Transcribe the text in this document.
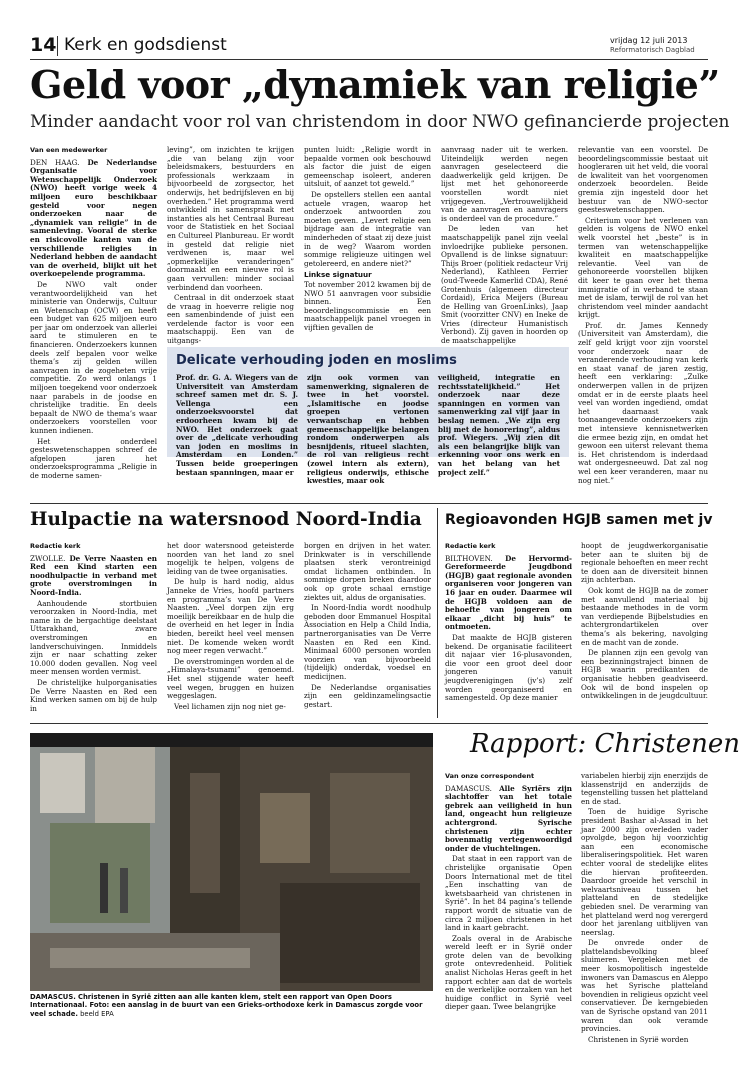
14 Kerk en godsdienst	vrijdag 12 juli 2013
Reformatorisch Dagblad
Geld voor „dynamiek van religie”
Minder aandacht voor rol van christendom in door NWO gefinancierde projecten
Van een medewerker

DEN HAAG. De Nederlandse Organisatie voor Wetenschappelijk Onderzoek (NWO) heeft vorige week 4 miljoen euro beschikbaar gesteld voor negen onderzoeken naar de „dynamiek van religie” in de samenleving. Vooral de sterke en risicovolle kanten van de verschillende religies in Nederland hebben de aandacht van de overheid, blijkt uit het overkoepelende programma.

De NWO valt onder verantwoordelijkheid van het ministerie van Onderwijs, Cultuur en Wetenschap (OCW) en heeft een budget van 625 miljoen euro per jaar om onderzoek van allerlei aard te stimuleren en te financieren. Onderzoekers kunnen deels zelf bepalen voor welke thema’s zij gelden willen aanvragen in de zogeheten vrije competitie. Zo werd onlangs 1 miljoen toegekend voor onderzoek naar parabels in de joodse en christelijke traditie. En deels bepaalt de NWO de thema’s waar onderzoekers voorstellen voor kunnen indienen.

Het onderdeel gesteswetenschappen schreef de afgelopen jaren het onderzoeksprogramma „Religie in de moderne samen-

leving”, om inzichten te krijgen „die van belang zijn voor beleidsmakers, bestuurders en professionals werkzaam in bijvoorbeeld de zorgsector, het onderwijs, het bedrijfsleven en bij overheden.” Het programma werd ontwikkeld in samenspraak met instanties als het Centraal Bureau voor de Statistiek en het Sociaal en Cultureel Planbureau. Er wordt in gesteld dat religie niet verdwenen is, maar wel „opmerkelijke veranderingen” doormaakt en een nieuwe rol is gaan vervullen: minder sociaal verbindend dan voorheen.

Centraal in dit onderzoek staat de vraag in hoeverre religie nog een samenbindende of juist een verdelende factor is voor een maatschappij. Een van de uitgangs-

punten luidt: „Religie wordt in bepaalde vormen ook beschouwd als factor die juist de eigen gemeenschap isoleert, anderen uitsluit, of aanzet tot geweld.”

De opstellers stellen een aantal actuele vragen, waarop het onderzoek antwoorden zou moeten geven. „Levert religie een bijdrage aan de integratie van minderheden of staat zij deze juist in de weg? Waarom worden sommige religieuze uitingen wel getolereerd, en andere niet?”

Linkse signatuur

Tot november 2012 kwamen bij de NWO 51 aanvragen voor subsidie binnen. Een beoordelingscommissie en een maatschappelijk panel vroegen in vijftien gevallen de

aanvraag nader uit te werken. Uiteindelijk werden negen aanvragen geselecteerd die daadwerkelijk geld krijgen. De lijst met het gehonoreerde voorstellen wordt niet vrijgegeven. „Vertrouwelijkheid van de aanvragen en aanvragers is onderdeel van de procedure.”

De leden van het maatschappelijk panel zijn veelal invloedrijke publieke personen. Opvallend is de linkse signatuur: Thijs Broer (politiek redacteur Vrij Nederland), Kathleen Ferrier (oud-Tweede Kamerlid CDA), René Grotenhuis (algemeen directeur Cordaid), Erica Meijers (Bureau de Helling van GroenLinks), Jaap Smit (voorzitter CNV) en Ineke de Vries (directeur Humanistisch Verbond). Zij gaven in hoorden op de maatschappelijke

relevantie van een voorstel. De beoordelingscommissie bestaat uit hoogleraren uit het veld, die vooral de kwaliteit van het voorgenomen onderzoek beoordelen. Beide gremia zijn ingesteld door het bestuur van de NWO-sector geesteswetenschappen.

Criterium voor het verlenen van gelden is volgens de NWO enkel welk voorstel het „beste” is in termen van wetenschappelijke kwaliteit en maatschappelijke relevantie. Veel van de gehonoreerde voorstellen blijken dit keer te gaan over het thema immigratie of in verband te staan met de islam, terwijl de rol van het christendom veel minder aandacht krijgt.

Prof. dr. James Kennedy (Universiteit van Amsterdam), die zelf geld krijgt voor zijn voorstel voor onderzoek naar de veranderende verhouding van kerk en staat vanaf de jaren zestig, heeft een verklaring: „Zulke onderwerpen vallen in de prijzen omdat er in de eerste plaats heel veel van worden ingediend, omdat het daarnaast vaak toonaangevende onderzoekers zijn met intensieve kennisnetwerken die ermee bezig zijn, en omdat het gewoon een uiterst relevant thema is. Het christendom is inderdaad wat ondergesneeuwd. Dat zal nog wel een keer veranderen, maar nu nog niet.”

Delicate verhouding joden en moslims
Prof. dr. G. A. Wiegers van de Universiteit van Amsterdam schreef samen met dr. S. J. Vellenga een onderzoeksvoorstel dat erdoorheen kwam bij de NWO. Het onderzoek gaat over de „delicate verhouding van joden en moslims in Amsterdam en Londen.” Tussen beide groeperingen bestaan spanningen, maar er
zijn ook vormen van samenwerking, signaleren de twee in het voorstel. „Islamitische en joodse groepen vertonen verwantschap en hebben gemeenschappelijke belangen rondom onderwerpen als besnijdenis, ritueel slachten, de rol van religieus recht (zowel intern als extern), religieus onderwijs, ethische kwesties, maar ook
veiligheid, integratie en rechtsstatelijkheid.” Het onderzoek naar deze spanningen en vormen van samenwerking zal vijf jaar in beslag nemen. „We zijn erg blij met de honorering”, aldus prof. Wiegers. „Wij zien dit als een belangrijke blijk van erkenning voor ons werk en van het belang van het project zelf.”
Hulpactie na watersnood Noord-India
Redactie kerk

ZWOLLE. De Verre Naasten en Red een Kind starten een noodhulpactie in verband met grote overstromingen in Noord-India.

Aanhoudende stortbuien veroorzaken in Noord-India, met name in de bergachtige deelstaat Uttarakhand, zware overstromingen en landverschuivingen. Inmiddels zijn er naar schatting zeker 10.000 doden gevallen. Nog veel meer mensen worden vermist.

De christelijke hulporganisaties De Verre Naasten en Red een Kind werken samen om bij de hulp in

het door watersnood geteisterde noorden van het land zo snel mogelijk te helpen, volgens de leiding van de twee organisaties.

De hulp is hard nodig, aldus Janneke de Vries, hoofd partners en programma’s van De Verre Naasten. „Veel dorpen zijn erg moeilijk bereikbaar en de hulp die de overheid en het leger in India bieden, bereikt heel veel mensen niet. De komende weken wordt nog meer regen verwacht.”

De overstromingen worden al de „Himalaya-tsunami” genoemd. Het snel stijgende water heeft veel wegen, bruggen en huizen weggeslagen.

Veel lichamen zijn nog niet ge-

borgen en drijven in het water. Drinkwater is in verschillende plaatsen sterk verontreinigd omdat lichamen ontbinden. In sommige dorpen breken daardoor ook op grote schaal ernstige ziektes uit, aldus de organisaties.

In Noord-India wordt noodhulp geboden door Emmanuel Hospital Association en Help a Child India, partnerorganisaties van De Verre Naasten en Red een Kind. Minimaal 6000 personen worden voorzien van bijvoorbeeld (tijdelijk) onderdak, voedsel en medicijnen.

De Nederlandse organisaties zijn een geldinzamelingsactie gestart.

Regioavonden HGJB samen met jv
Redactie kerk

BILTHOVEN. De Hervormd-Gereformeerde Jeugdbond (HGJB) gaat regionale avonden organiseren voor jongeren van 16 jaar en ouder. Daarmee wil de HGJB voldoen aan de behoefte van jongeren om elkaar „dicht bij huis” te ontmoeten.

Dat maakte de HGJB gisteren bekend. De organisatie faciliteert dit najaar vier 16-plusavonden, die voor een groot deel door jongeren vanuit jeugdverenigingen (jv’s) zelf worden georganiseerd en samengesteld. Op deze manier

hoopt de jeugdwerkorganisatie beter aan te sluiten bij de regionale behoeften en meer recht te doen aan de diversiteit binnen zijn achterban.

Ook komt de HGJB na de zomer met aanvullend materiaal bij bestaande methodes in de vorm van verdiepende Bijbelstudies en achtergrondartikelen over thema’s als bekering, navolging en de macht van de zonde.

De plannen zijn een gevolg van een bezinningstraject binnen de HGJB waarin predikanten de organisatie hebben geadviseerd. Ook wil de bond inspelen op ontwikkelingen in de jeugdcultuur.

DAMASCUS. Christenen in Syrië zitten aan alle kanten klem, stelt een rapport van Open Doors Internationaal. Foto: een aanslag in de buurt van een Grieks-orthodoxe kerk in Damascus zorgde voor veel schade. beeld EPA
Rapport: Christenen
Van onze correspondent

DAMASCUS. Alle Syriërs zijn slachtoffer van het totale gebrek aan veiligheid in hun land, ongeacht hun religieuze achtergrond. Syrische christenen zijn echter bovenmatig vertegenwoordigd onder de vluchtelingen.

Dat staat in een rapport van de christelijke organisatie Open Doors International met de titel „Een inschatting van de kwetsbaarheid van christenen in Syrië”. In het 84 pagina’s tellende rapport wordt de situatie van de circa 2 miljoen christenen in het land in kaart gebracht.

Zoals overal in de Arabische wereld leeft er in Syrië onder grote delen van de bevolking grote ontevredenheid. Politiek analist Nicholas Heras geeft in het rapport echter aan dat de wortels en de werkelijke oorzaken van het huidige conflict in Syrië veel dieper gaan. Twee belangrijke

variabelen hierbij zijn enerzijds de klassenstrijd en anderzijds de tegenstelling tussen het platteland en de stad.

Toen de huidige Syrische president Bashar al-Assad in het jaar 2000 zijn overleden vader opvolgde, begon hij voorzichtig aan een economische liberaliseringspolitiek. Het waren echter vooral de stedelijke elites die hiervan profiteerden. Daardoor groeide het verschil in welvaartsniveau tussen het platteland en de stedelijke gebieden snel. De verarming van het platteland werd nog verergerd door het jarenlang uitblijven van neerslag.

De onvrede onder de plattelandsbevolking bleef sluimeren. Vergeleken met de meer kosmopolitisch ingestelde inwoners van Damascus en Aleppo was het Syrische platteland bovendien in religieus opzicht veel conservatiever. De kerngebieden van de Syrische opstand van 2011 waren dan ook veramde provincies.

Christenen in Syrië worden
